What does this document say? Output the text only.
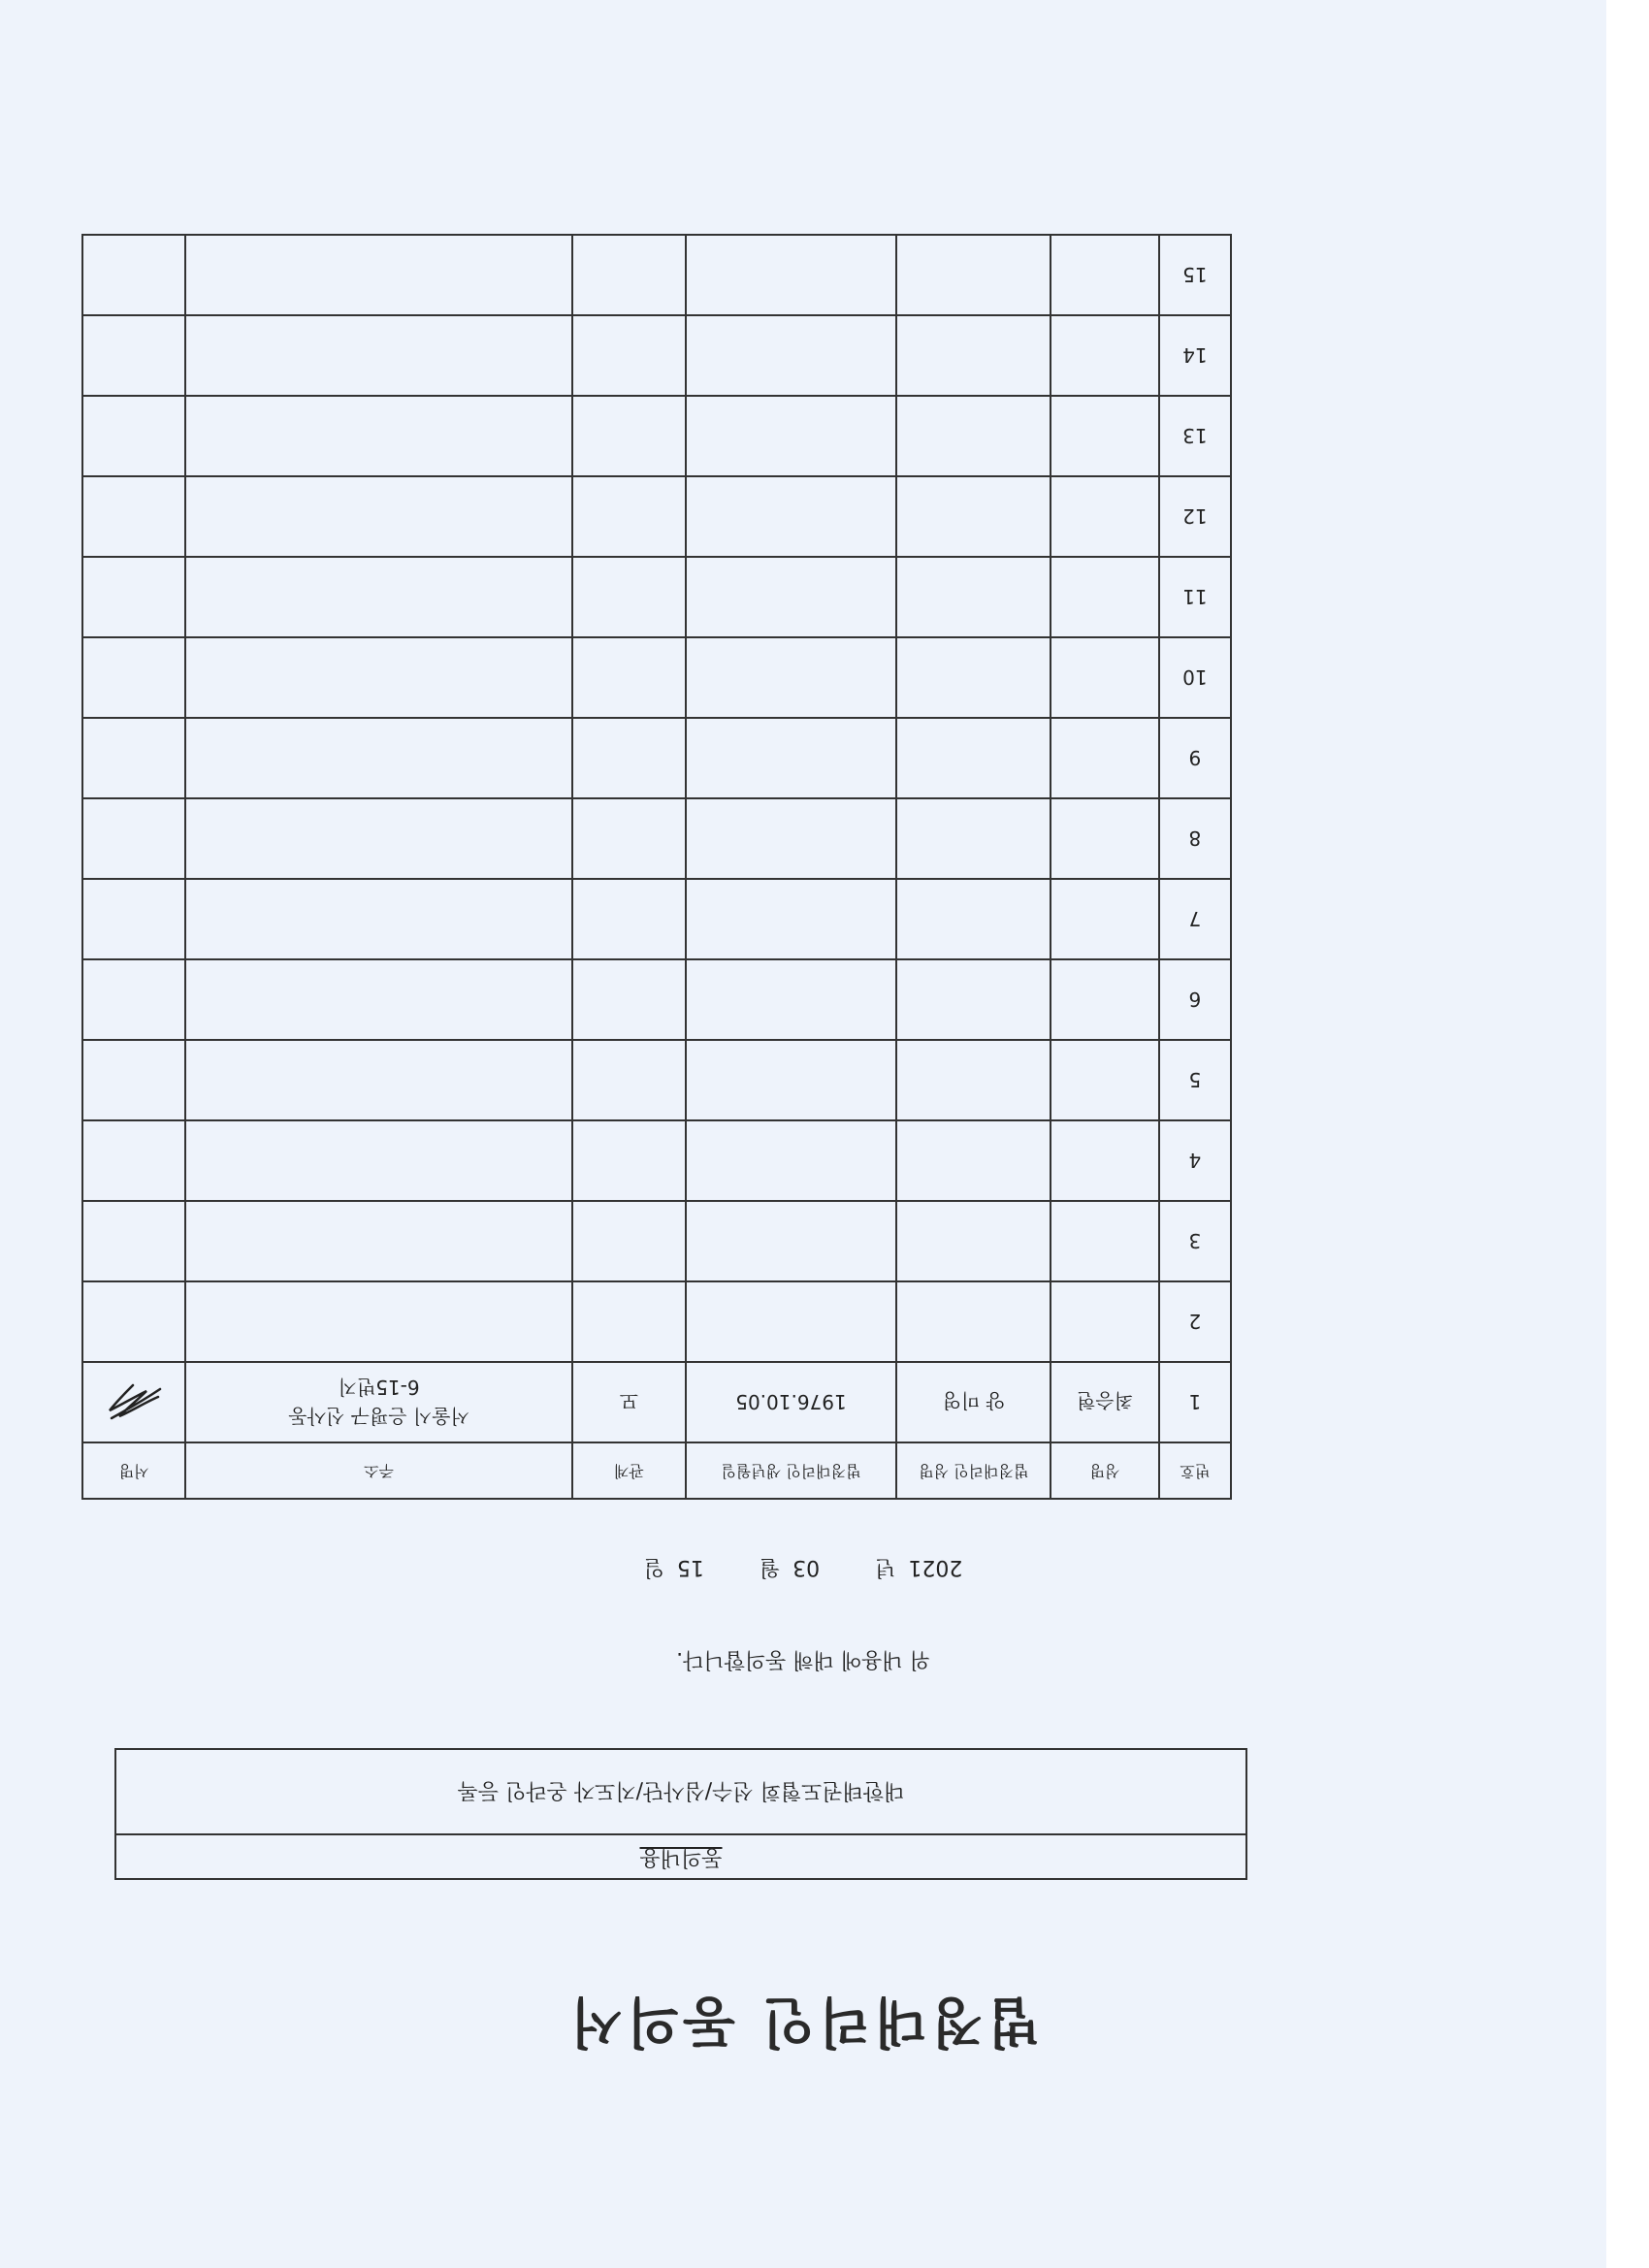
법정대리인 동의서
동의내용
대한태권도협회 선수/심사단/지도자 온라인 등록
위 내용에 대해 동의합니다.
2021 년 03 월 15 일
번호	성명	법정대리인 성명	법정대리인 생년월일	관계	주소	서명
1	최승현	양 미영	1976.10.05	모	서울시 은평구 신사동
6-15번지

2					

3					

4					

5					

6					

7					

8					

9					

10					

11					

12					

13					

14					

15					
